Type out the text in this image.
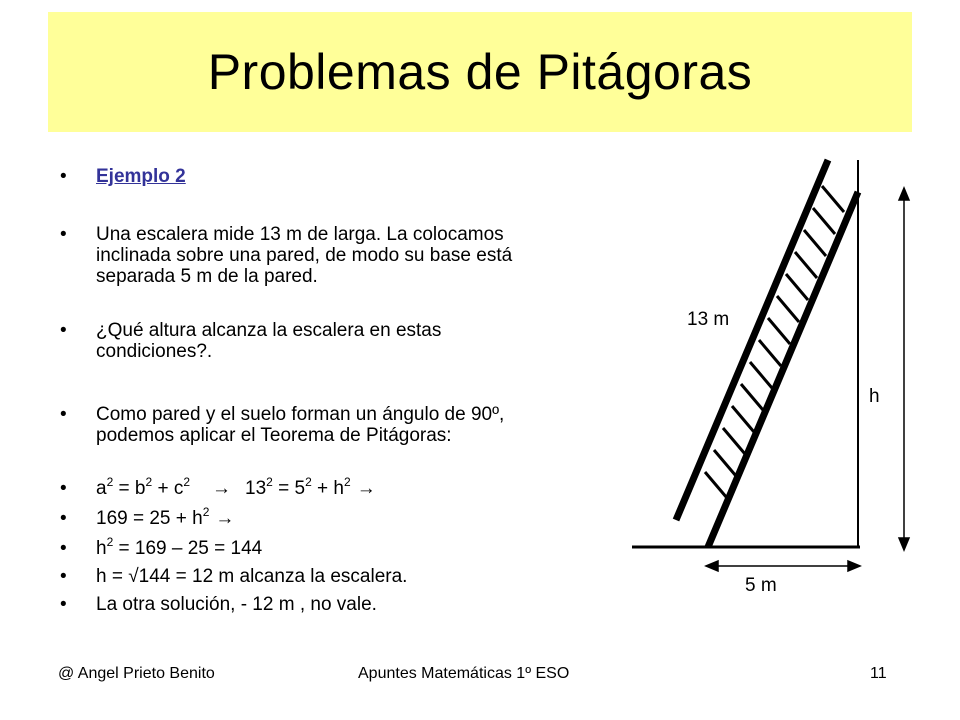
Problemas de Pitágoras
• Ejemplo 2
• Una escalera mide 13 m de larga. La colocamos inclinada sobre una pared, de modo su base está separada 5 m de la pared.
• ¿Qué altura alcanza la escalera en estas condiciones?.
• Como pared y el suelo forman un ángulo de 90º, podemos aplicar el Teorema de Pitágoras:
• $a^2 = b^2 + c^2 \to 13^2 = 5^2 + h^2$ →
• $169 = 25 + h^2$ →
• $h^2 = 169 - 25 = 144$
• h = √144 = 12 m alcanza la escalera.
• La otra solución, - 12 m , no vale.
13 m
h
5 m
@ Angel Prieto Benito	Apuntes Matemáticas 1º ESO	11
